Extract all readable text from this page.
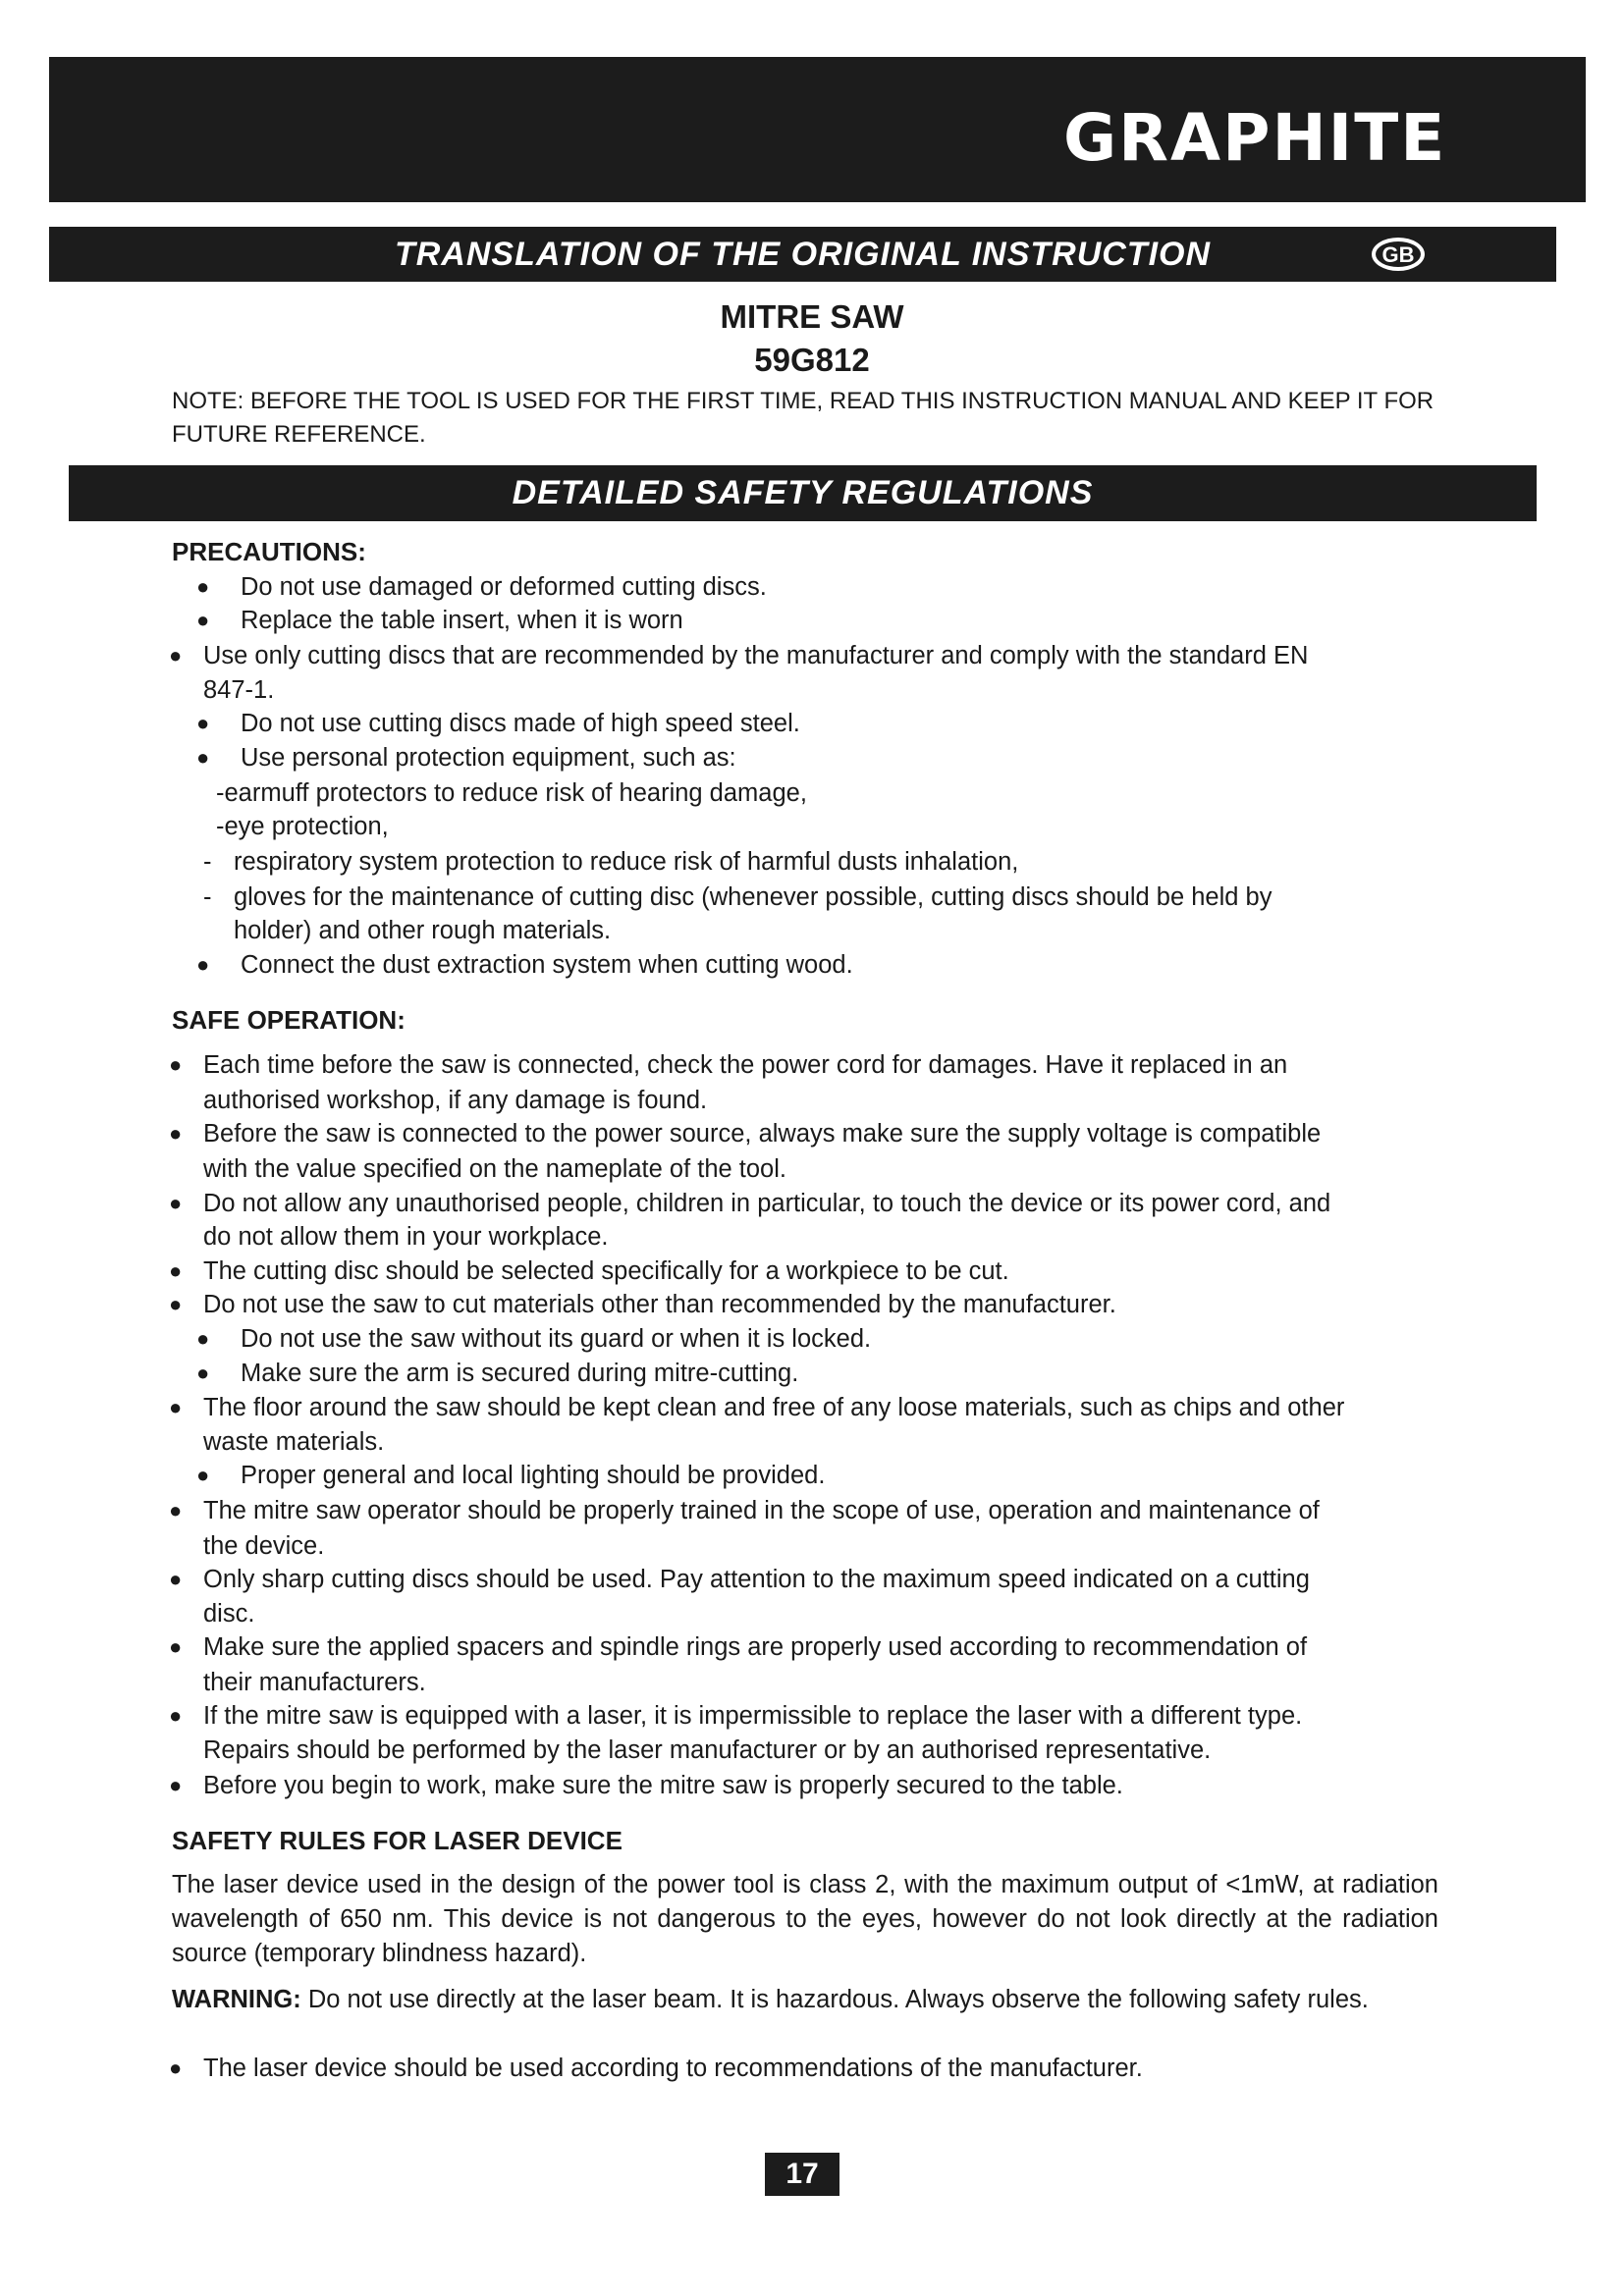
GRAPHITE
TRANSLATION OF THE ORIGINAL INSTRUCTION	GB
MITRE SAW
59G812
NOTE: BEFORE THE TOOL IS USED FOR THE FIRST TIME, READ THIS INSTRUCTION MANUAL AND KEEP IT FOR FUTURE REFERENCE.
DETAILED SAFETY REGULATIONS
PRECAUTIONS:
● Do not use damaged or deformed cutting discs.
● Replace the table insert, when it is worn
● Use only cutting discs that are recommended by the manufacturer and comply with the standard EN
847-1.
● Do not use cutting discs made of high speed steel.
● Use personal protection equipment, such as:
-earmuff protectors to reduce risk of hearing damage,
-eye protection,
- respiratory system protection to reduce risk of harmful dusts inhalation,
- gloves for the maintenance of cutting disc (whenever possible, cutting discs should be held by
holder) and other rough materials.
● Connect the dust extraction system when cutting wood.
SAFE OPERATION:
● Each time before the saw is connected, check the power cord for damages. Have it replaced in an
authorised workshop, if any damage is found.
● Before the saw is connected to the power source, always make sure the supply voltage is compatible
with the value specified on the nameplate of the tool.
● Do not allow any unauthorised people, children in particular, to touch the device or its power cord, and
do not allow them in your workplace.
● The cutting disc should be selected specifically for a workpiece to be cut.
● Do not use the saw to cut materials other than recommended by the manufacturer.
● Do not use the saw without its guard or when it is locked.
● Make sure the arm is secured during mitre-cutting.
● The floor around the saw should be kept clean and free of any loose materials, such as chips and other
waste materials.
● Proper general and local lighting should be provided.
● The mitre saw operator should be properly trained in the scope of use, operation and maintenance of
the device.
● Only sharp cutting discs should be used. Pay attention to the maximum speed indicated on a cutting
disc.
● Make sure the applied spacers and spindle rings are properly used according to recommendation of
their manufacturers.
● If the mitre saw is equipped with a laser, it is impermissible to replace the laser with a different type.
Repairs should be performed by the laser manufacturer or by an authorised representative.
● Before you begin to work, make sure the mitre saw is properly secured to the table.
SAFETY RULES FOR LASER DEVICE
The laser device used in the design of the power tool is class 2, with the maximum output of <1mW, at radiation wavelength of 650 nm. This device is not dangerous to the eyes, however do not look directly at the radiation source (temporary blindness hazard).
WARNING: Do not use directly at the laser beam. It is hazardous. Always observe the following safety rules.
● The laser device should be used according to recommendations of the manufacturer.
17
